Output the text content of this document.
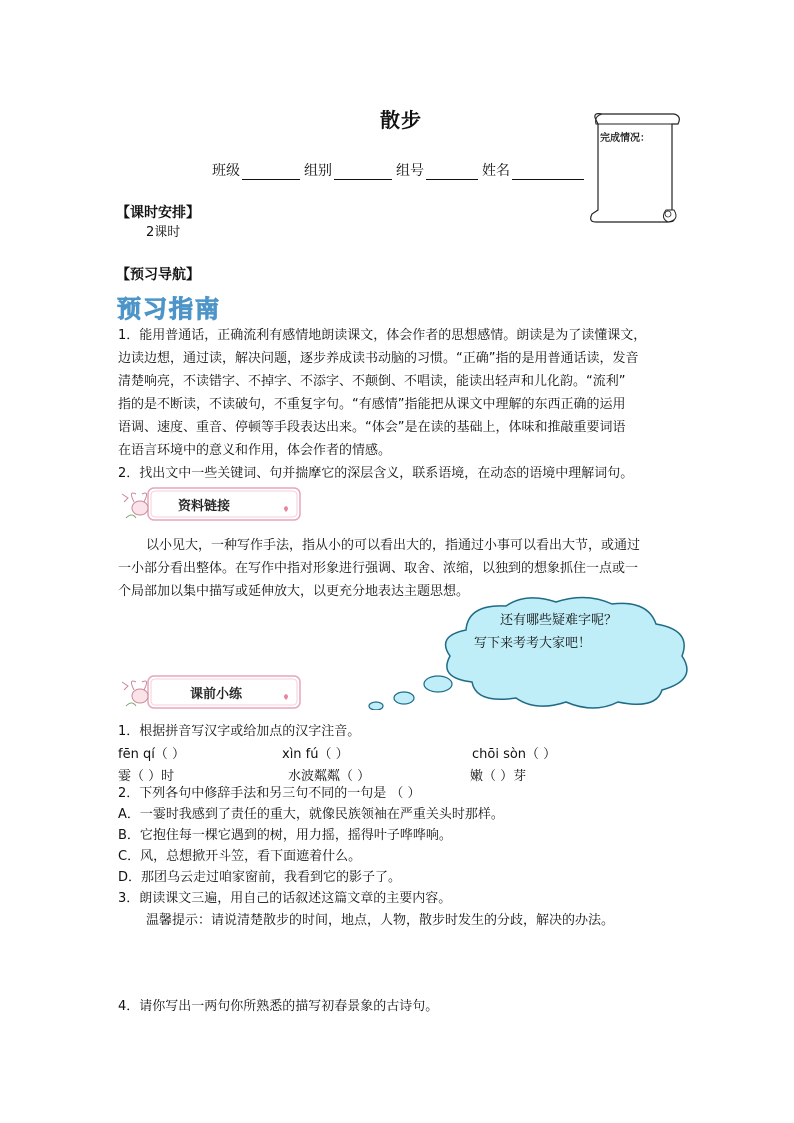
散步
班级	组别	组号	姓名
完成情况：
【课时安排】
2课时
【预习导航】
预习指南
1．能用普通话，正确流利有感情地朗读课文，体会作者的思想感情。朗读是为了读懂课文，
边读边想，通过读，解决问题，逐步养成读书动脑的习惯。“正确”指的是用普通话读，发音
清楚响亮，不读错字、不掉字、不添字、不颠倒、不唱读，能读出轻声和儿化韵。“流利”
指的是不断读，不读破句，不重复字句。“有感情”指能把从课文中理解的东西正确的运用
语调、速度、重音、停顿等手段表达出来。“体会”是在读的基础上，体味和推敲重要词语
在语言环境中的意义和作用，体会作者的情感。
2．找出文中一些关键词、句并揣摩它的深层含义，联系语境，在动态的语境中理解词句。
资料链接
以小见大，一种写作手法，指从小的可以看出大的，指通过小事可以看出大节，或通过
一小部分看出整体。在写作中指对形象进行强调、取舍、浓缩，以独到的想象抓住一点或一
个局部加以集中描写或延伸放大，以更充分地表达主题思想。
还有哪些疑难字呢？
写下来考考大家吧！
课前小练
1．根据拼音写汉字或给加点的汉字注音。
fēn qí（ ）	xìn fú（ ）	chōi sòn（ ）
霎（ ）时	水波粼粼（ ）	嫩（ ）芽
2．下列各句中修辞手法和另三句不同的一句是 （ ）
A．一霎时我感到了责任的重大，就像民族领袖在严重关头时那样。
B．它抱住每一棵它遇到的树，用力摇，摇得叶子哗哗响。
C．风，总想掀开斗笠，看下面遮着什么。
D．那团乌云走过咱家窗前，我看到它的影子了。
3．朗读课文三遍，用自己的话叙述这篇文章的主要内容。
温馨提示：请说清楚散步的时间，地点，人物，散步时发生的分歧，解决的办法。
4．请你写出一两句你所熟悉的描写初春景象的古诗句。
